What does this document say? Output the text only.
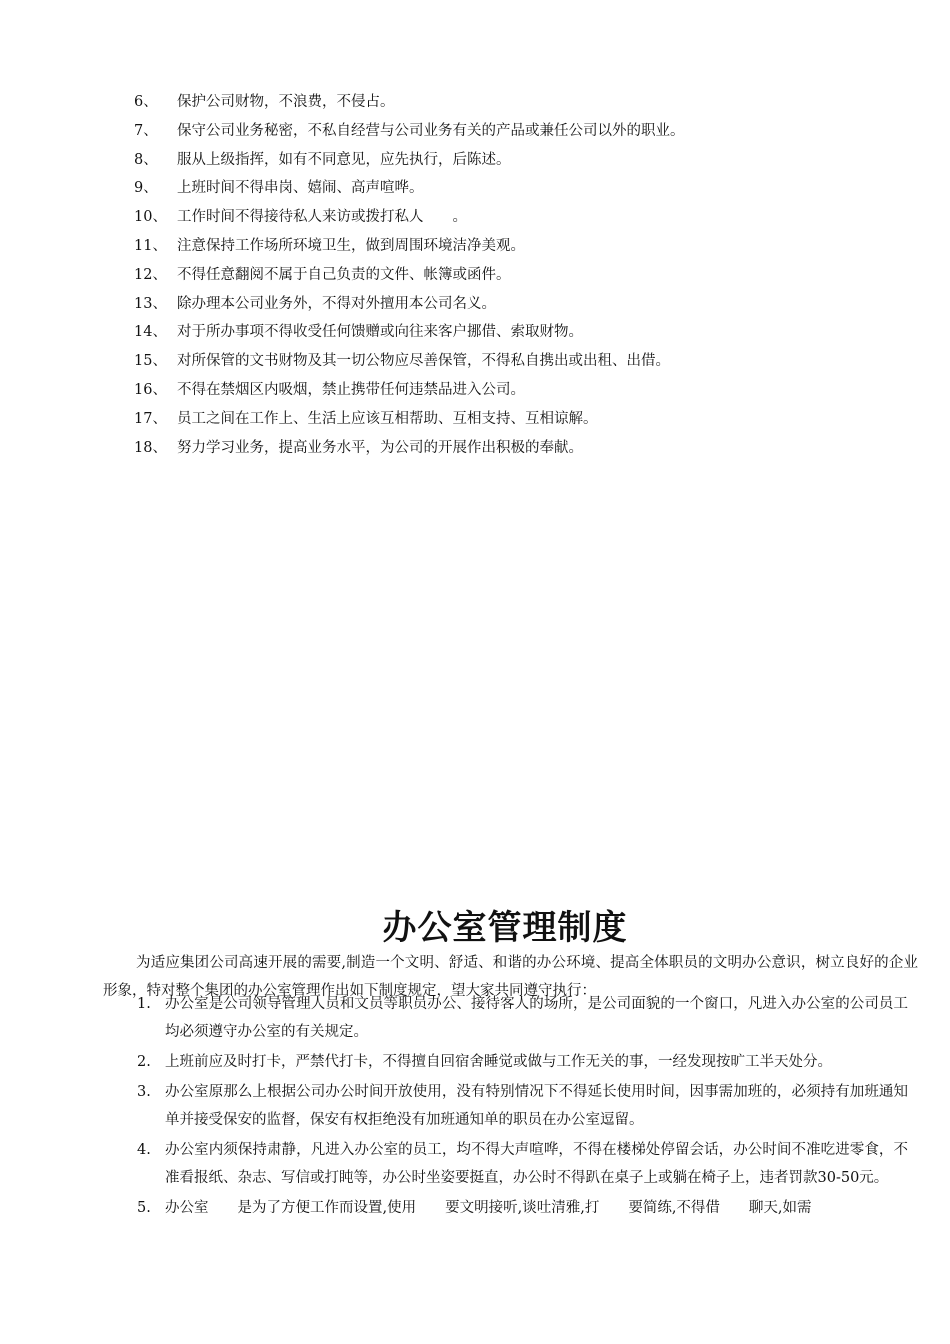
6、 保护公司财物，不浪费，不侵占。
7、 保守公司业务秘密，不私自经营与公司业务有关的产品或兼任公司以外的职业。
8、 服从上级指挥，如有不同意见，应先执行，后陈述。
9、 上班时间不得串岗、嬉闹、高声喧哗。
10、 工作时间不得接待私人来访或拨打私人　　。
11、 注意保持工作场所环境卫生，做到周围环境洁净美观。
12、 不得任意翻阅不属于自己负责的文件、帐簿或函件。
13、 除办理本公司业务外，不得对外擅用本公司名义。
14、 对于所办事项不得收受任何馈赠或向往来客户挪借、索取财物。
15、 对所保管的文书财物及其一切公物应尽善保管，不得私自携出或出租、出借。
16、 不得在禁烟区内吸烟，禁止携带任何违禁品进入公司。
17、 员工之间在工作上、生活上应该互相帮助、互相支持、互相谅解。
18、 努力学习业务，提高业务水平，为公司的开展作出积极的奉献。
办公室管理制度

为适应集团公司高速开展的需要,制造一个文明、舒适、和谐的办公环境、提高全体职员的文明办公意识，树立良好的企业形象，特对整个集团的办公室管理作出如下制度规定，望大家共同遵守执行：

1. 办公室是公司领导管理人员和文员等职员办公、接待客人的场所，是公司面貌的一个窗口，凡进入办公室的公司员工均必须遵守办公室的有关规定。
2. 上班前应及时打卡，严禁代打卡，不得擅自回宿舍睡觉或做与工作无关的事，一经发现按旷工半天处分。
3. 办公室原那么上根据公司办公时间开放使用，没有特别情况下不得延长使用时间，因事需加班的，必须持有加班通知单并接受保安的监督，保安有权拒绝没有加班通知单的职员在办公室逗留。
4. 办公室内须保持肃静，凡进入办公室的员工，均不得大声喧哗，不得在楼梯处停留会话，办公时间不准吃进零食，不准看报纸、杂志、写信或打盹等，办公时坐姿要挺直，办公时不得趴在桌子上或躺在椅子上，违者罚款30-50元。
5. 办公室　　是为了方便工作而设置,使用　　要文明接听,谈吐清雅,打　　要简练,不得借　　聊天,如需
